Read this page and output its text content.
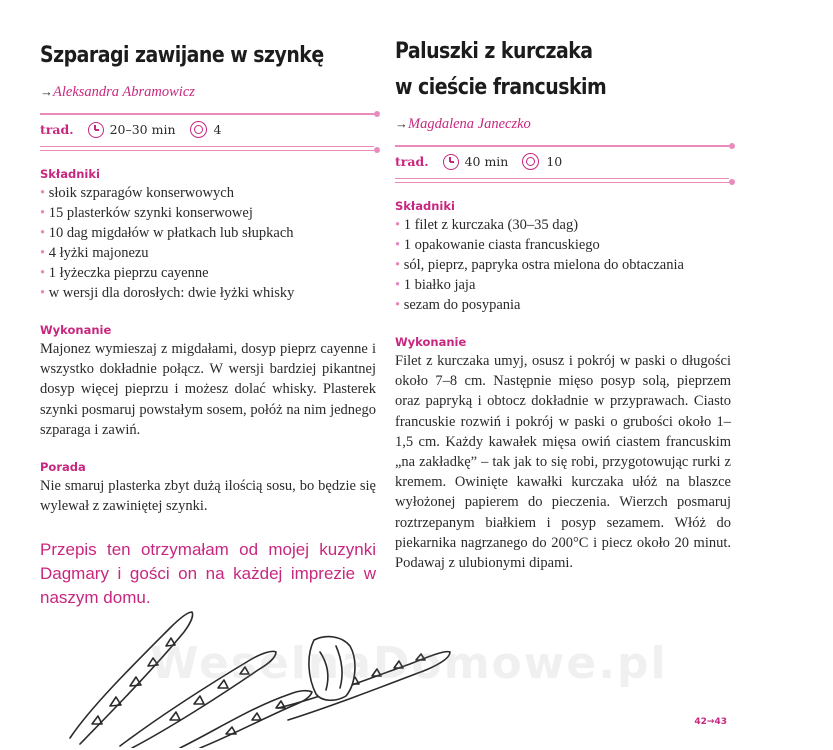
Szparagi zawijane w szynkę
→Aleksandra Abramowicz
trad.	20–30 min	4
Składniki
• słoik szparagów konserwowych
• 15 plasterków szynki konserwowej
• 10 dag migdałów w płatkach lub słupkach
• 4 łyżki majonezu
• 1 łyżeczka pieprzu cayenne
• w wersji dla dorosłych: dwie łyżki whisky
Wykonanie

Majonez wymieszaj z migdałami, dosyp pieprz cayenne i wszystko dokładnie połącz. W wersji bardziej pikantnej dosyp więcej pieprzu i możesz dolać whisky. Plasterek szynki posmaruj powstałym sosem, połóż na nim jednego szparaga i zawiń.

Porada

Nie smaruj plasterka zbyt dużą ilością sosu, bo będzie się wylewał z zawiniętej szynki.

Przepis ten otrzymałam od mojej kuzynki Dagmary i gości on na każdej imprezie w naszym domu.

Paluszki z kurczaka
w cieście francuskim
→Magdalena Janeczko
trad.	40 min	10
Składniki
• 1 filet z kurczaka (30–35 dag)
• 1 opakowanie ciasta francuskiego
• sól, pieprz, papryka ostra mielona do obtaczania
• 1 białko jaja
• sezam do posypania
Wykonanie

Filet z kurczaka umyj, osusz i pokrój w paski o długości około 7–8 cm. Następnie mięso posyp solą, pieprzem oraz papryką i obtocz dokładnie w przyprawach. Ciasto francuskie rozwiń i pokrój w paski o grubości około 1–1,5 cm. Każdy kawałek mięsa owiń ciastem francuskim „na zakładkę” – tak jak to się robi, przygotowując rurki z kremem. Owinięte kawałki kurczaka ułóż na blaszce wyłożonej papierem do pieczenia. Wierzch posmaruj roztrzepanym białkiem i posyp sezamem. Włóż do piekarnika nagrzanego do 200°C i piecz około 20 minut. Podawaj z ulubionymi dipami.

WeselnaDomowe.pl
42→43
